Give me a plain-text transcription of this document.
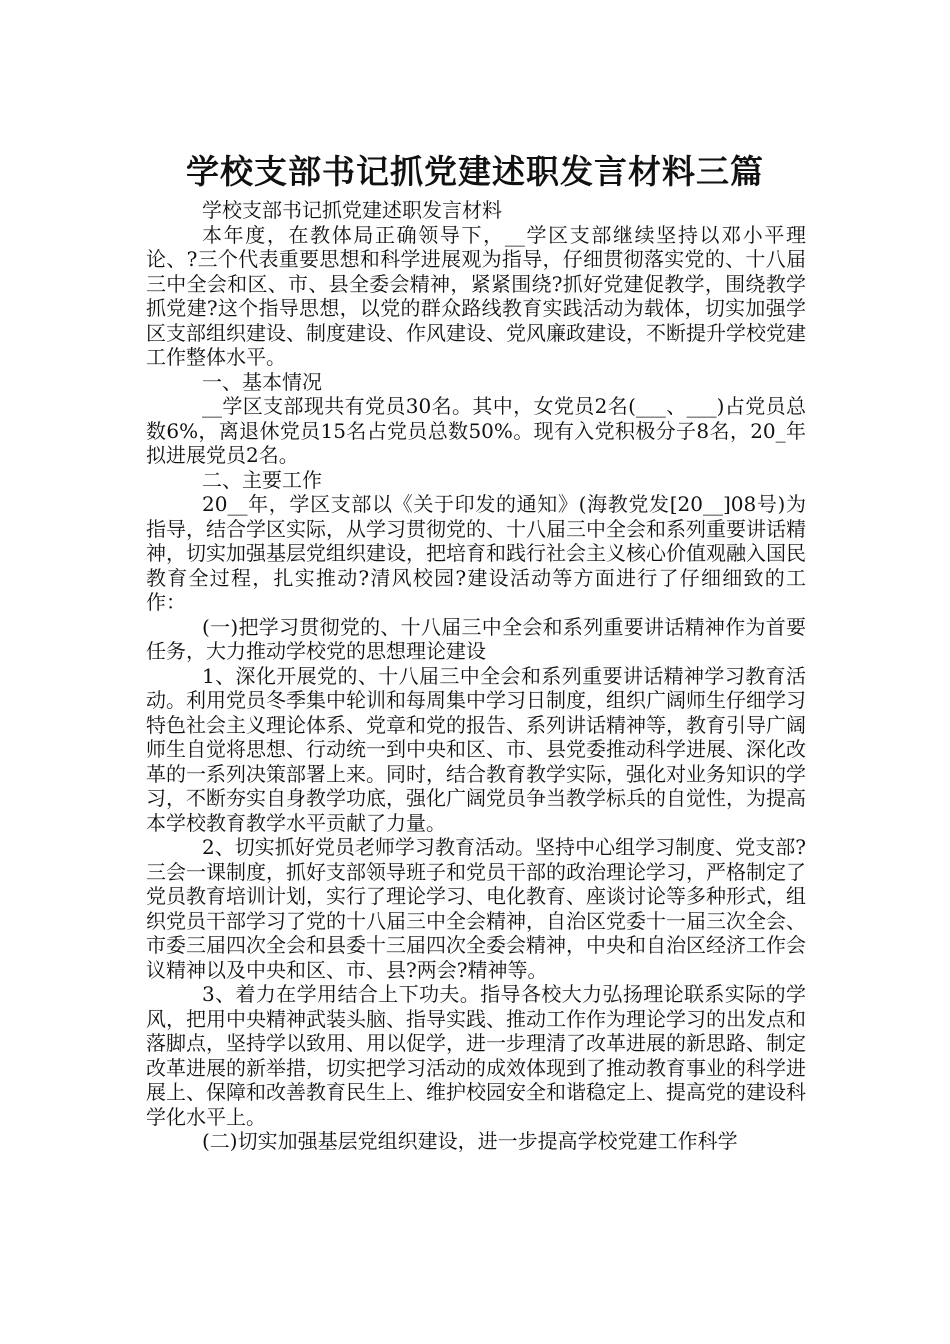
学校支部书记抓党建述职发言材料三篇

学校支部书记抓党建述职发言材料

本年度，在教体局正确领导下，__学区支部继续坚持以邓小平理论、?三个代表重要思想和科学进展观为指导，仔细贯彻落实党的、十八届三中全会和区、市、县全委会精神，紧紧围绕?抓好党建促教学，围绕教学抓党建?这个指导思想，以党的群众路线教育实践活动为载体，切实加强学区支部组织建设、制度建设、作风建设、党风廉政建设，不断提升学校党建工作整体水平。

一、基本情况

__学区支部现共有党员30名。其中，女党员2名(___、___)占党员总数6%，离退休党员15名占党员总数50%。现有入党积极分子8名，20_年拟进展党员2名。

二、主要工作

20__年，学区支部以《关于印发的通知》(海教党发[20__]08号)为指导，结合学区实际，从学习贯彻党的、十八届三中全会和系列重要讲话精神，切实加强基层党组织建设，把培育和践行社会主义核心价值观融入国民教育全过程，扎实推动?清风校园?建设活动等方面进行了仔细细致的工作：

(一)把学习贯彻党的、十八届三中全会和系列重要讲话精神作为首要任务，大力推动学校党的思想理论建设

1、深化开展党的、十八届三中全会和系列重要讲话精神学习教育活动。利用党员冬季集中轮训和每周集中学习日制度，组织广阔师生仔细学习特色社会主义理论体系、党章和党的报告、系列讲话精神等，教育引导广阔师生自觉将思想、行动统一到中央和区、市、县党委推动科学进展、深化改革的一系列决策部署上来。同时，结合教育教学实际，强化对业务知识的学习，不断夯实自身教学功底，强化广阔党员争当教学标兵的自觉性，为提高本学校教育教学水平贡献了力量。

2、切实抓好党员老师学习教育活动。坚持中心组学习制度、党支部?三会一课制度，抓好支部领导班子和党员干部的政治理论学习，严格制定了党员教育培训计划，实行了理论学习、电化教育、座谈讨论等多种形式，组织党员干部学习了党的十八届三中全会精神，自治区党委十一届三次全会、市委三届四次全会和县委十三届四次全委会精神，中央和自治区经济工作会议精神以及中央和区、市、县?两会?精神等。

3、着力在学用结合上下功夫。指导各校大力弘扬理论联系实际的学风，把用中央精神武装头脑、指导实践、推动工作作为理论学习的出发点和落脚点，坚持学以致用、用以促学，进一步理清了改革进展的新思路、制定改革进展的新举措，切实把学习活动的成效体现到了推动教育事业的科学进展上、保障和改善教育民生上、维护校园安全和谐稳定上、提高党的建设科学化水平上。

(二)切实加强基层党组织建设，进一步提高学校党建工作科学
